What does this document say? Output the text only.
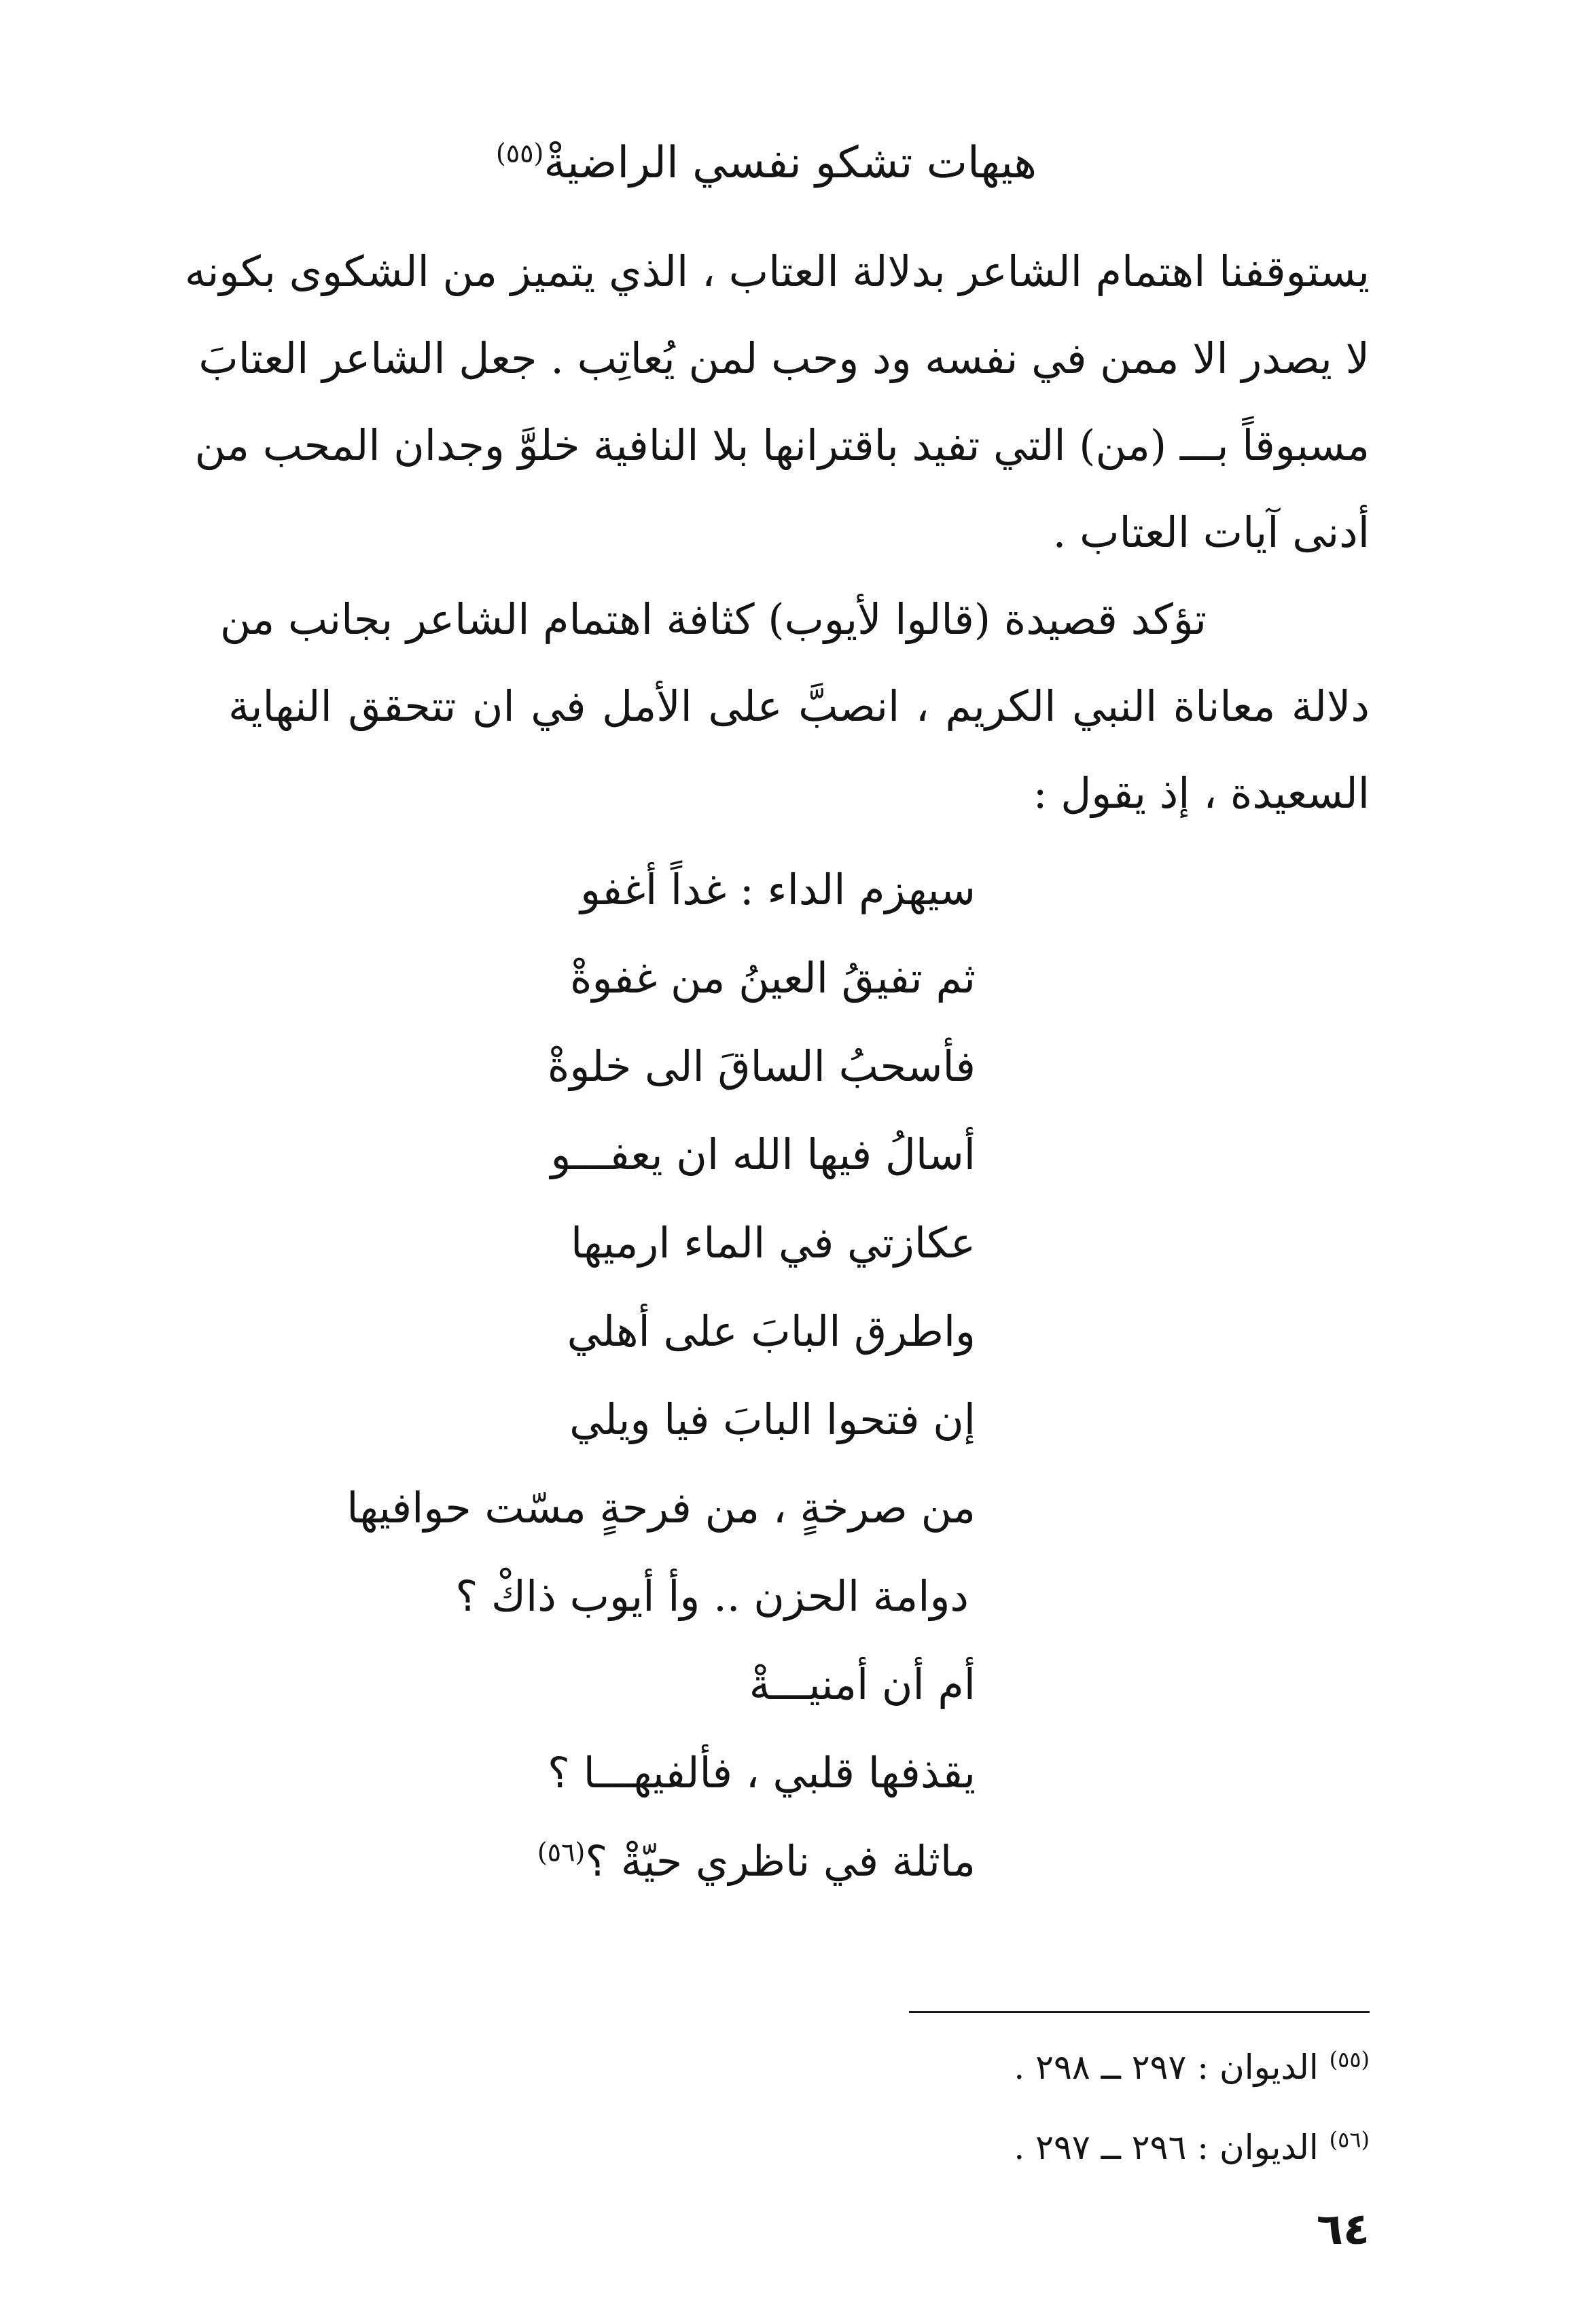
هيهات تشكو نفسي الراضيةْ$^{(٥٥)}$
يستوقفنا اهتمام الشاعر بدلالة العتاب ، الذي يتميز من الشكوى بكونه
لا يصدر الا ممن في نفسه ود وحب لمن يُعاتِب . جعل الشاعر العتابَ
مسبوقاً بـــ (من) التي تفيد باقترانها بلا النافية خلوَّ وجدان المحب من
أدنى آيات العتاب .
تؤكد قصيدة (قالوا لأيوب) كثافة اهتمام الشاعر بجانب من
دلالة معاناة النبي الكريم ، انصبَّ على الأمل في ان تتحقق النهاية
السعيدة ، إذ يقول :
سيهزم الداء : غداً أغفو
ثم تفيقُ العينُ من غفوةْ
فأسحبُ الساقَ الى خلوةْ
أسالُ فيها الله ان يعفـــو
عكازتي في الماء ارميها
واطرق البابَ على أهلي
إن فتحوا البابَ فيا ويلي
من صرخةٍ ، من فرحةٍ مسّت حوافيها
دوامة الحزن .. وأ أيوب ذاكْ ؟
أم أن أمنيـــةْ
يقذفها قلبي ، فألفيهـــا ؟
ماثلة في ناظري حيّةْ ؟$^{(٥٦)}$
$^{(٥٥)}$ الديوان : ٢٩٧ ــ ٢٩٨ .
$^{(٥٦)}$ الديوان : ٢٩٦ ــ ٢٩٧ .
٦٤
